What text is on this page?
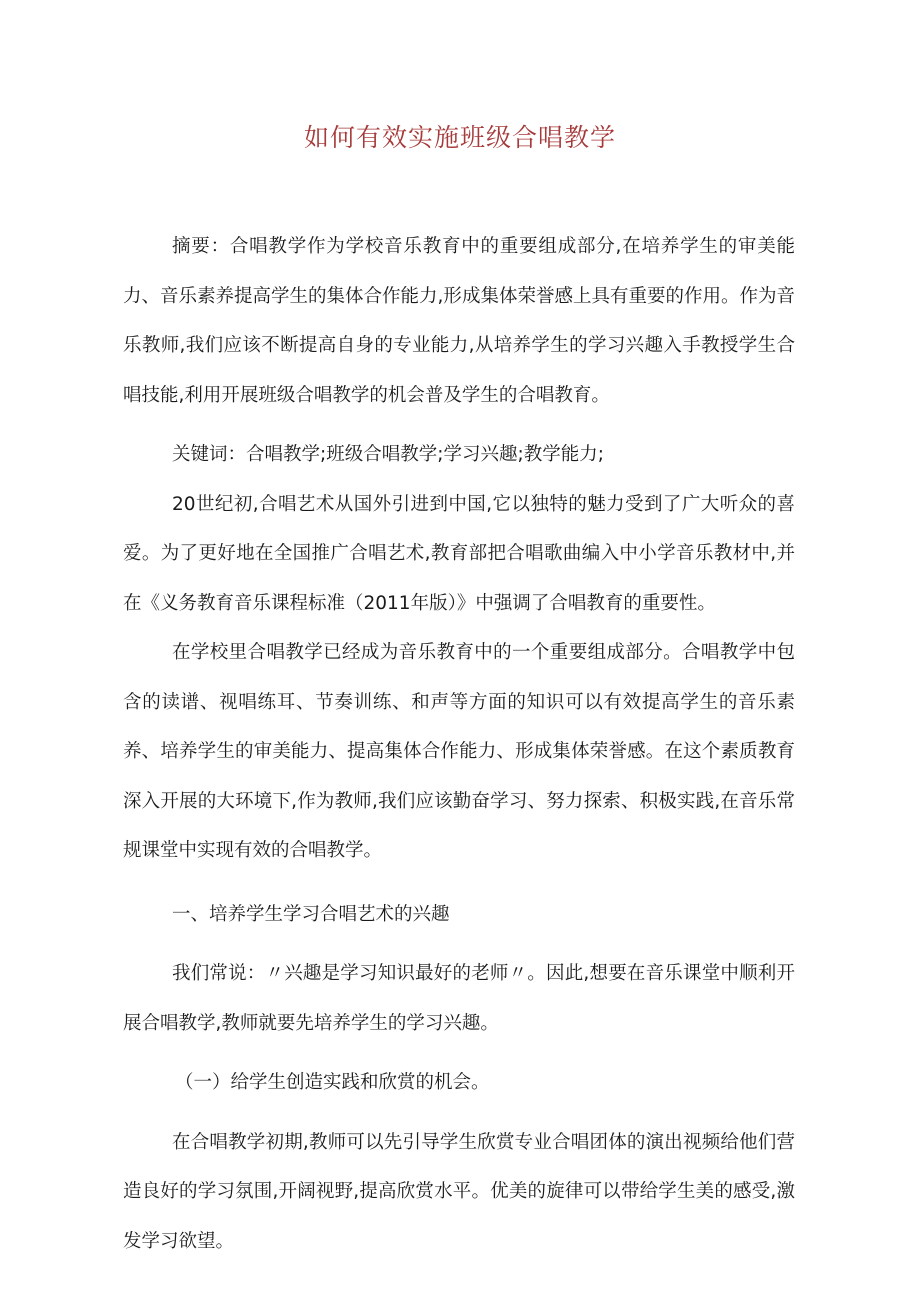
如何有效实施班级合唱教学

摘要：合唱教学作为学校音乐教育中的重要组成部分,在培养学生的审美能力、音乐素养提高学生的集体合作能力,形成集体荣誉感上具有重要的作用。作为音乐教师,我们应该不断提高自身的专业能力,从培养学生的学习兴趣入手教授学生合唱技能,利用开展班级合唱教学的机会普及学生的合唱教育。

关键词：合唱教学;班级合唱教学;学习兴趣;教学能力;

20世纪初,合唱艺术从国外引进到中国,它以独特的魅力受到了广大听众的喜爱。为了更好地在全国推广合唱艺术,教育部把合唱歌曲编入中小学音乐教材中,并在《义务教育音乐课程标准（2011年版）》中强调了合唱教育的重要性。

在学校里合唱教学已经成为音乐教育中的一个重要组成部分。合唱教学中包含的读谱、视唱练耳、节奏训练、和声等方面的知识可以有效提高学生的音乐素养、培养学生的审美能力、提高集体合作能力、形成集体荣誉感。在这个素质教育深入开展的大环境下,作为教师,我们应该勤奋学习、努力探索、积极实践,在音乐常规课堂中实现有效的合唱教学。

一、培养学生学习合唱艺术的兴趣

我们常说：〃兴趣是学习知识最好的老师〃。因此,想要在音乐课堂中顺利开展合唱教学,教师就要先培养学生的学习兴趣。

（一）给学生创造实践和欣赏的机会。

在合唱教学初期,教师可以先引导学生欣赏专业合唱团体的演出视频给他们营造良好的学习氛围,开阔视野,提高欣赏水平。优美的旋律可以带给学生美的感受,激发学习欲望。
